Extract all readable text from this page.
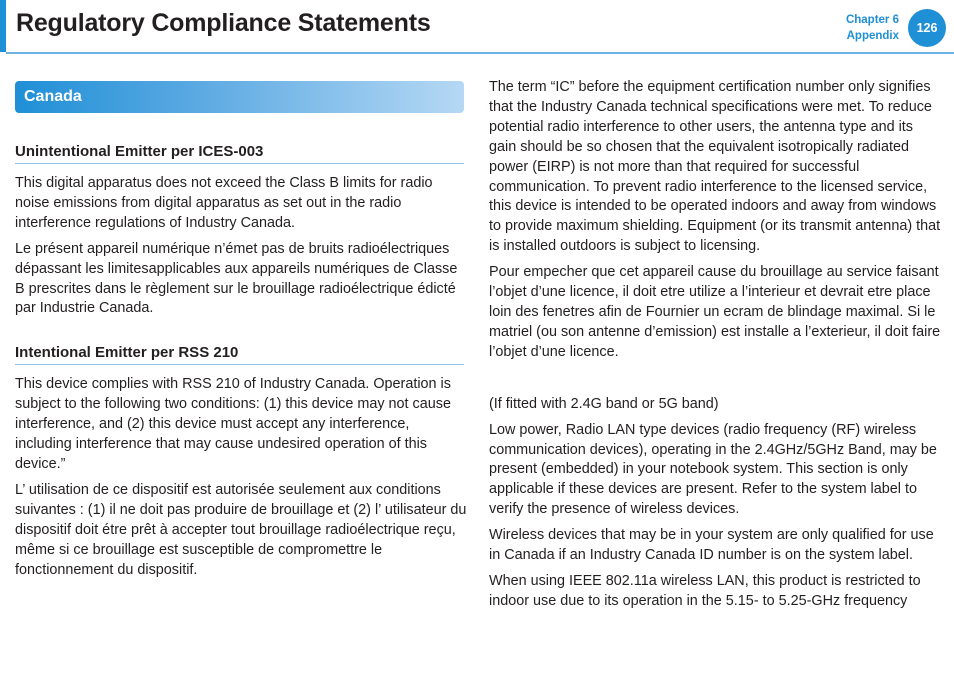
Regulatory Compliance Statements	Chapter 6
Appendix
126
Canada
Unintentional Emitter per ICES-003

This digital apparatus does not exceed the Class B limits for radio noise emissions from digital apparatus as set out in the radio interference regulations of Industry Canada.

Le présent appareil numérique n’émet pas de bruits radioélectriques dépassant les limitesapplicables aux appareils numériques de Classe B prescrites dans le règlement sur le brouillage radioélectrique édicté par Industrie Canada.

Intentional Emitter per RSS 210

This device complies with RSS 210 of Industry Canada. Operation is subject to the following two conditions: (1) this device may not cause interference, and (2) this device must accept any interference, including interference that may cause undesired operation of this device.”

L’ utilisation de ce dispositif est autorisée seulement aux conditions suivantes : (1) il ne doit pas produire de brouillage et (2) l’ utilisateur du dispositif doit étre prêt à accepter tout brouillage radioélectrique reçu, même si ce brouillage est susceptible de compromettre le fonctionnement du dispositif.

The term “IC” before the equipment certification number only signifies that the Industry Canada technical specifications were met. To reduce potential radio interference to other users, the antenna type and its gain should be so chosen that the equivalent isotropically radiated power (EIRP) is not more than that required for successful communication. To prevent radio interference to the licensed service, this device is intended to be operated indoors and away from windows to provide maximum shielding. Equipment (or its transmit antenna) that is installed outdoors is subject to licensing.

Pour empecher que cet appareil cause du brouillage au service faisant l’objet d’une licence, il doit etre utilize a l’interieur et devrait etre place loin des fenetres afin de Fournier un ecram de blindage maximal. Si le matriel (ou son antenne d’emission) est installe a l’exterieur, il doit faire l’objet d’une licence.

(If fitted with 2.4G band or 5G band)

Low power, Radio LAN type devices (radio frequency (RF) wireless communication devices), operating in the 2.4GHz/5GHz Band, may be present (embedded) in your notebook system. This section is only applicable if these devices are present. Refer to the system label to verify the presence of wireless devices.

Wireless devices that may be in your system are only qualified for use in Canada if an Industry Canada ID number is on the system label.

When using IEEE 802.11a wireless LAN, this product is restricted to indoor use due to its operation in the 5.15- to 5.25-GHz frequency
